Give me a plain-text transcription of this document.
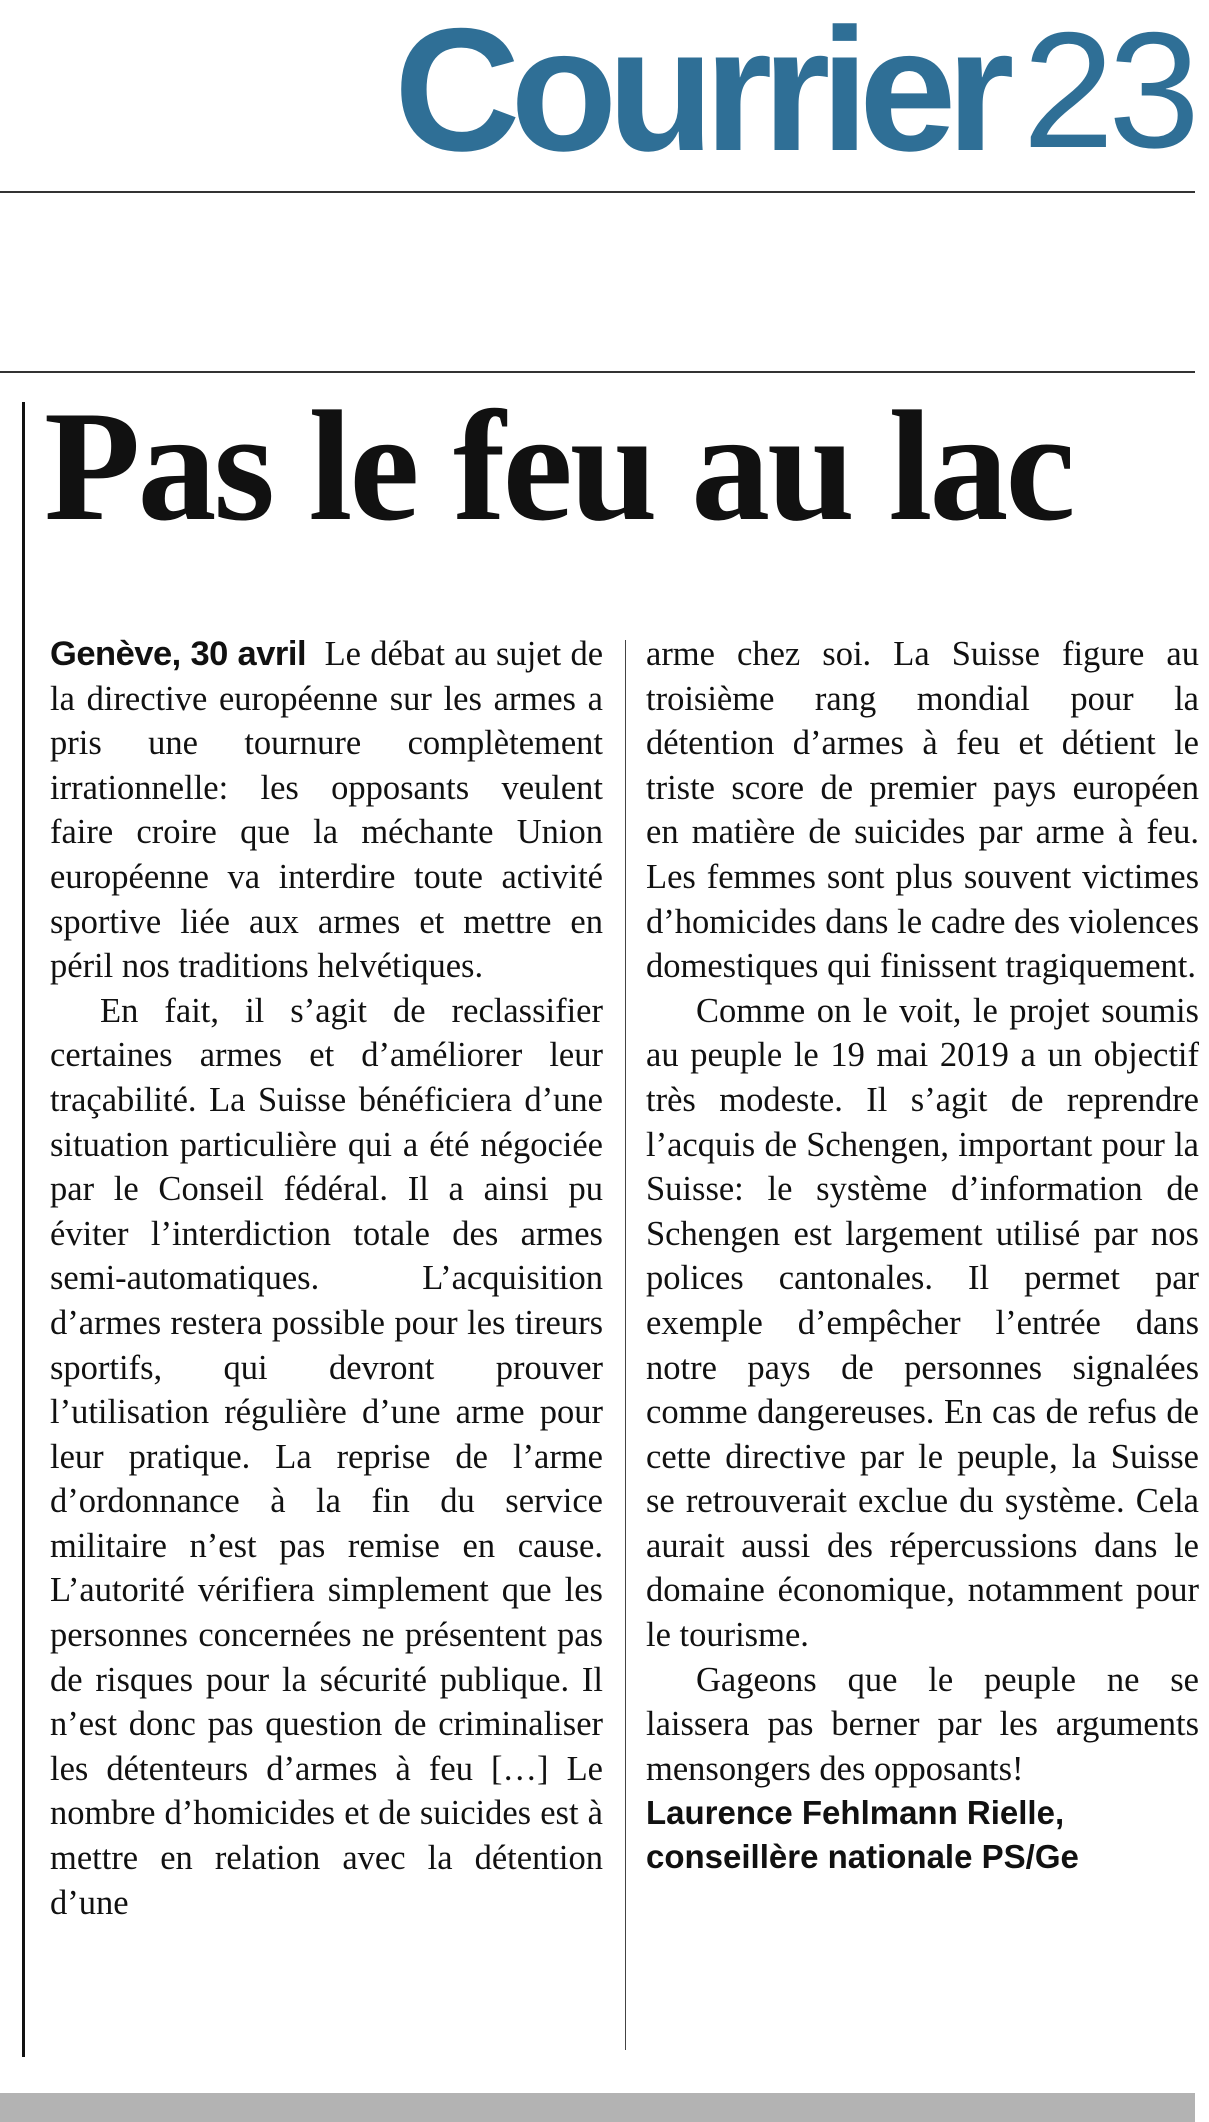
Courrier 23
Pas le feu au lac

Genève, 30 avril Le débat au sujet de la directive européenne sur les armes a pris une tournure complètement irrationnelle: les opposants veulent faire croire que la méchante Union européenne va interdire toute activité sportive liée aux armes et mettre en péril nos traditions helvétiques.

En fait, il s’agit de reclassifier certaines armes et d’améliorer leur traçabilité. La Suisse bénéficiera d’une situation particulière qui a été négociée par le Conseil fédéral. Il a ainsi pu éviter l’interdiction totale des armes semi-automatiques. L’acquisition d’armes restera possible pour les tireurs sportifs, qui devront prouver l’utilisation régulière d’une arme pour leur pratique. La reprise de l’arme d’ordonnance à la fin du service militaire n’est pas remise en cause. L’autorité vérifiera simplement que les personnes concernées ne présentent pas de risques pour la sécurité publique. Il n’est donc pas question de criminaliser les détenteurs d’armes à feu […] Le nombre d’homicides et de suicides est à mettre en relation avec la détention d’une

arme chez soi. La Suisse figure au troisième rang mondial pour la détention d’armes à feu et détient le triste score de premier pays européen en matière de suicides par arme à feu. Les femmes sont plus souvent victimes d’homicides dans le cadre des violences domestiques qui finissent tragiquement.

Comme on le voit, le projet soumis au peuple le 19 mai 2019 a un objectif très modeste. Il s’agit de reprendre l’acquis de Schengen, important pour la Suisse: le système d’information de Schengen est largement utilisé par nos polices cantonales. Il permet par exemple d’empêcher l’entrée dans notre pays de personnes signalées comme dangereuses. En cas de refus de cette directive par le peuple, la Suisse se retrouverait exclue du système. Cela aurait aussi des répercussions dans le domaine économique, notamment pour le tourisme.

Gageons que le peuple ne se laissera pas berner par les arguments mensongers des opposants!

Laurence Fehlmann Rielle,

conseillère nationale PS/Ge
